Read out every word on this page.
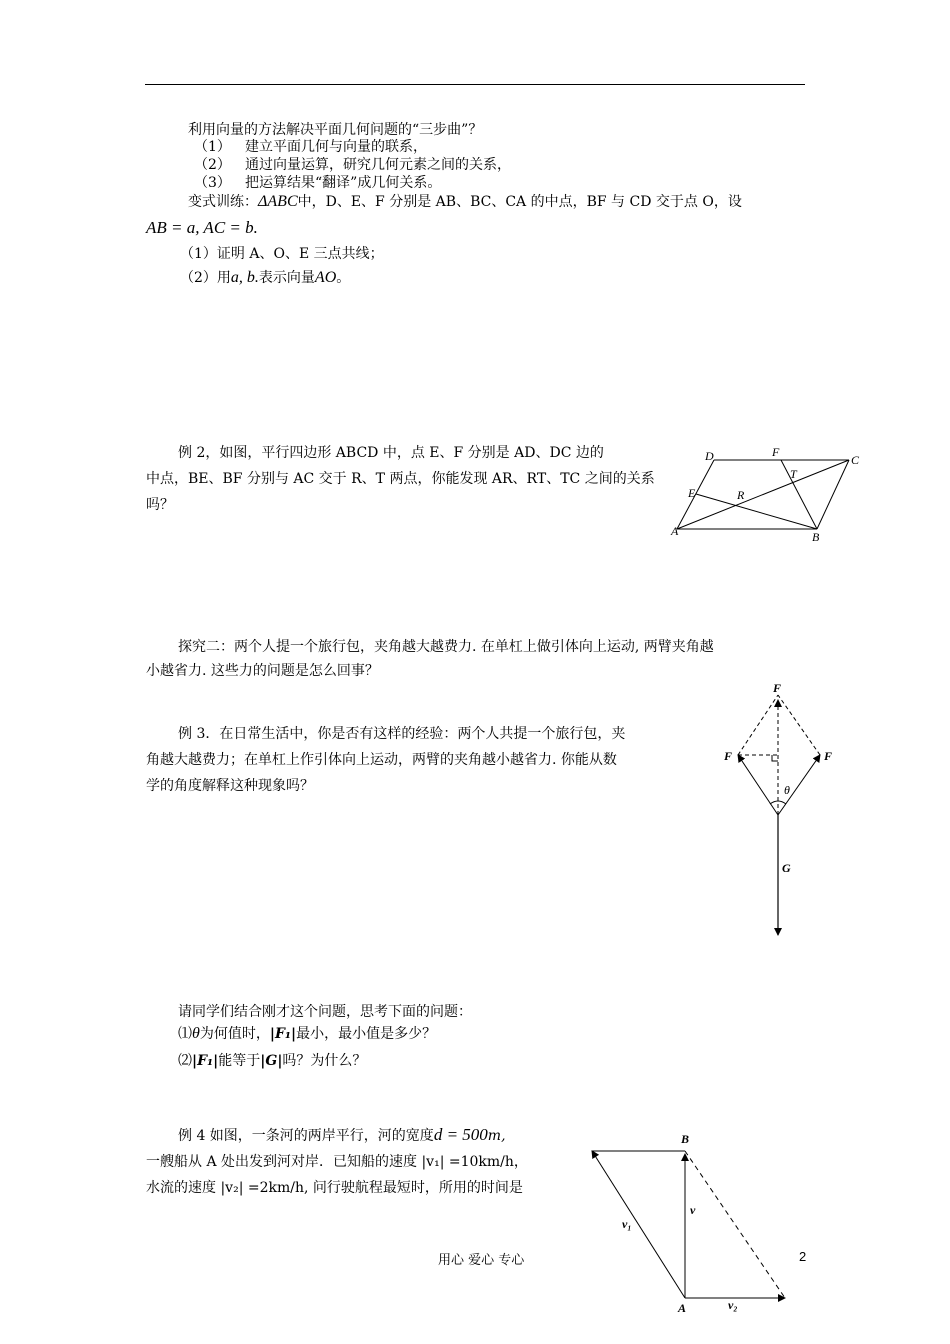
利用向量的方法解决平面几何问题的“三步曲”？
（1） 建立平面几何与向量的联系，
（2） 通过向量运算，研究几何元素之间的关系，
（3） 把运算结果“翻译”成几何关系。
变式训练：ΔABC中，D、E、F 分别是 AB、BC、CA 的中点，BF 与 CD 交于点 O，设
AB = a, AC = b.
（1）证明 A、O、E 三点共线；
（2）用a, b.表示向量AO。
例 2，如图，平行四边形 ABCD 中，点 E、F 分别是 AD、DC 边的
中点，BE、BF 分别与 AC 交于 R、T 两点，你能发现 AR、RT、TC 之间的关系
吗？
A	B
C
D
E
F
R
T
探究二：两个人提一个旅行包，夹角越大越费力. 在单杠上做引体向上运动, 两臂夹角越
小越省力. 这些力的问题是怎么回事？
例 3．在日常生活中，你是否有这样的经验：两个人共提一个旅行包，夹
角越大越费力；在单杠上作引体向上运动，两臂的夹角越小越省力. 你能从数
学的角度解释这种现象吗？
F
F	F
θ
G
请同学们结合刚才这个问题，思考下面的问题：
⑴θ为何值时，|F₁|最小，最小值是多少？
⑵|F₁|能等于|G|吗？为什么？
例 4 如图，一条河的两岸平行，河的宽度d = 500m,
一艘船从 A 处出发到河对岸．已知船的速度 |v₁| =10km/h，
水流的速度 |v₂| =2km/h, 问行驶航程最短时，所用的时间是
B
A
v
v₁
v₂
用心 爱心 专心	2
